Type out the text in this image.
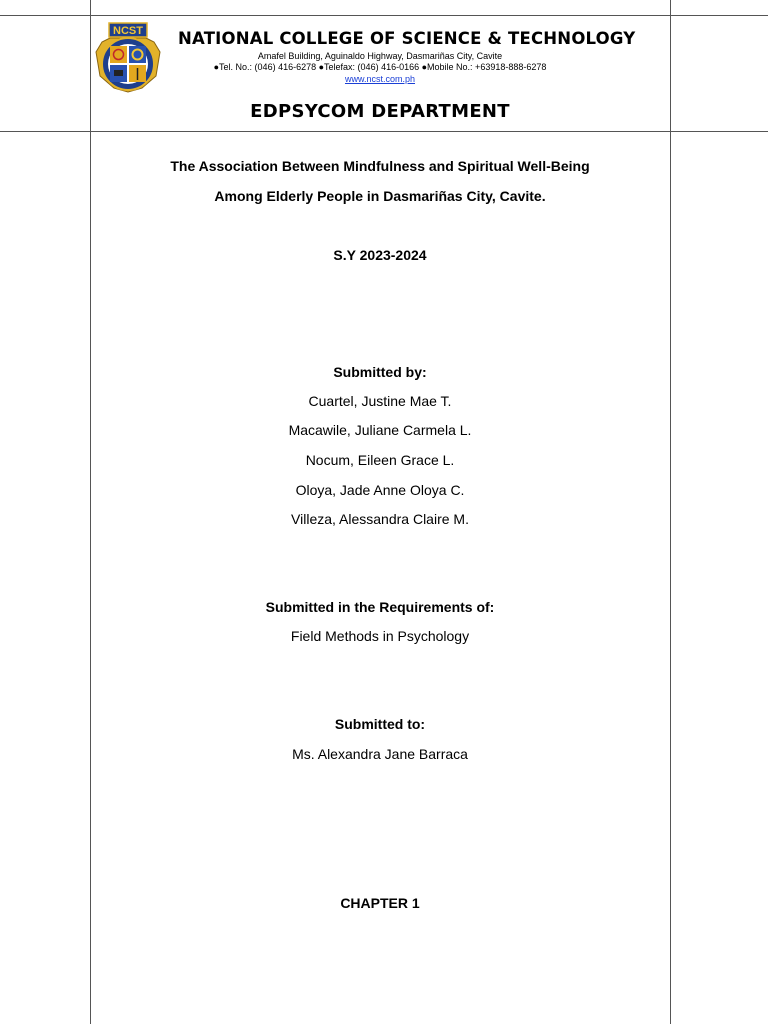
NCST NATIONAL COLLEGE OF SCIENCE & TECHNOLOGY
Amafel Building, Aguinaldo Highway, Dasmariñas City, Cavite
●Tel. No.: (046) 416-6278 ●Telefax: (046) 416-0166 ●Mobile No.: +63918-888-6278
www.ncst.com.ph
EDPSYCOM DEPARTMENT
The Association Between Mindfulness and Spiritual Well-Being
Among Elderly People in Dasmariñas City, Cavite.
S.Y 2023-2024
Submitted by:
Cuartel, Justine Mae T.
Macawile, Juliane Carmela L.
Nocum, Eileen Grace L.
Oloya, Jade Anne Oloya C.
Villeza, Alessandra Claire M.
Submitted in the Requirements of:
Field Methods in Psychology
Submitted to:
Ms. Alexandra Jane Barraca
CHAPTER 1
